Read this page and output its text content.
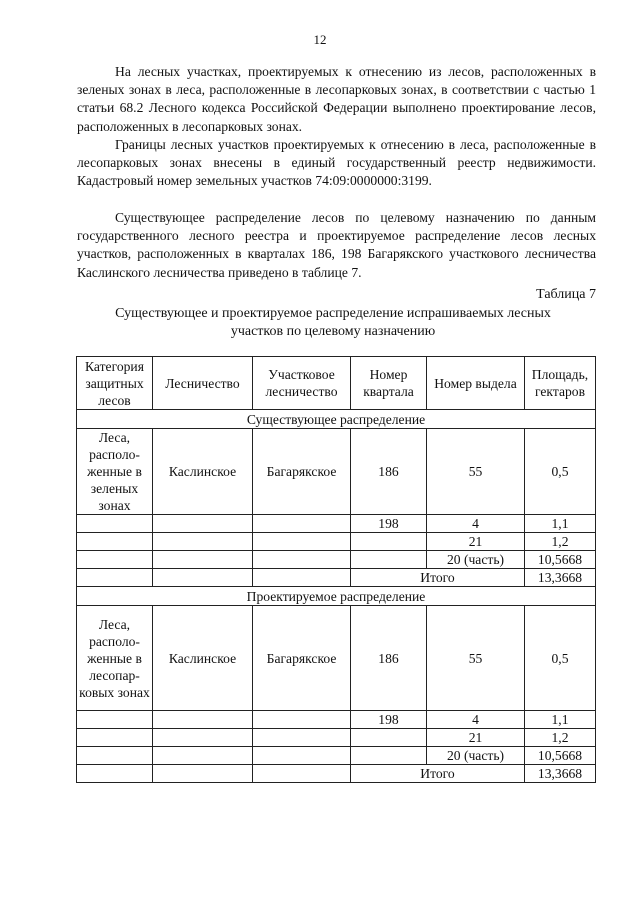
12

На лесных участках, проектируемых к отнесению из лесов, расположенных в зеленых зонах в леса, расположенные в лесопарковых зонах, в соответствии с частью 1 статьи 68.2 Лесного кодекса Российской Федерации выполнено проектирование лесов, расположенных в лесопарковых зонах.

Границы лесных участков проектируемых к отнесению в леса, расположенные в лесопарковых зонах внесены в единый государственный реестр недвижимости. Кадастровый номер земельных участков 74:09:0000000:3199.

Существующее распределение лесов по целевому назначению по данным государственного лесного реестра и проектируемое распределение лесов лесных участков, расположенных в кварталах 186, 198 Багарякского участкового лесничества Каслинского лесничества приведено в таблице 7.

Таблица 7
Существующее и проектируемое распределение испрашиваемых лесных участков по целевому назначению
Категория защитных лесов	Лесничество	Участковое лесничество	Номер квартала	Номер выдела	Площадь, гектаров
Существующее распределение					
Леса, располо-женные в зеленых зонах	Каслинское	Багарякское	186	55	0,5
			198	4	1,1
				21	1,2
				20 (часть)	10,5668
			Итого		13,3668
Проектируемое распределение					
Леса, располо-женные в лесопар-ковых зонах	Каслинское	Багарякское	186	55	0,5
			198	4	1,1
				21	1,2
				20 (часть)	10,5668
			Итого		13,3668
